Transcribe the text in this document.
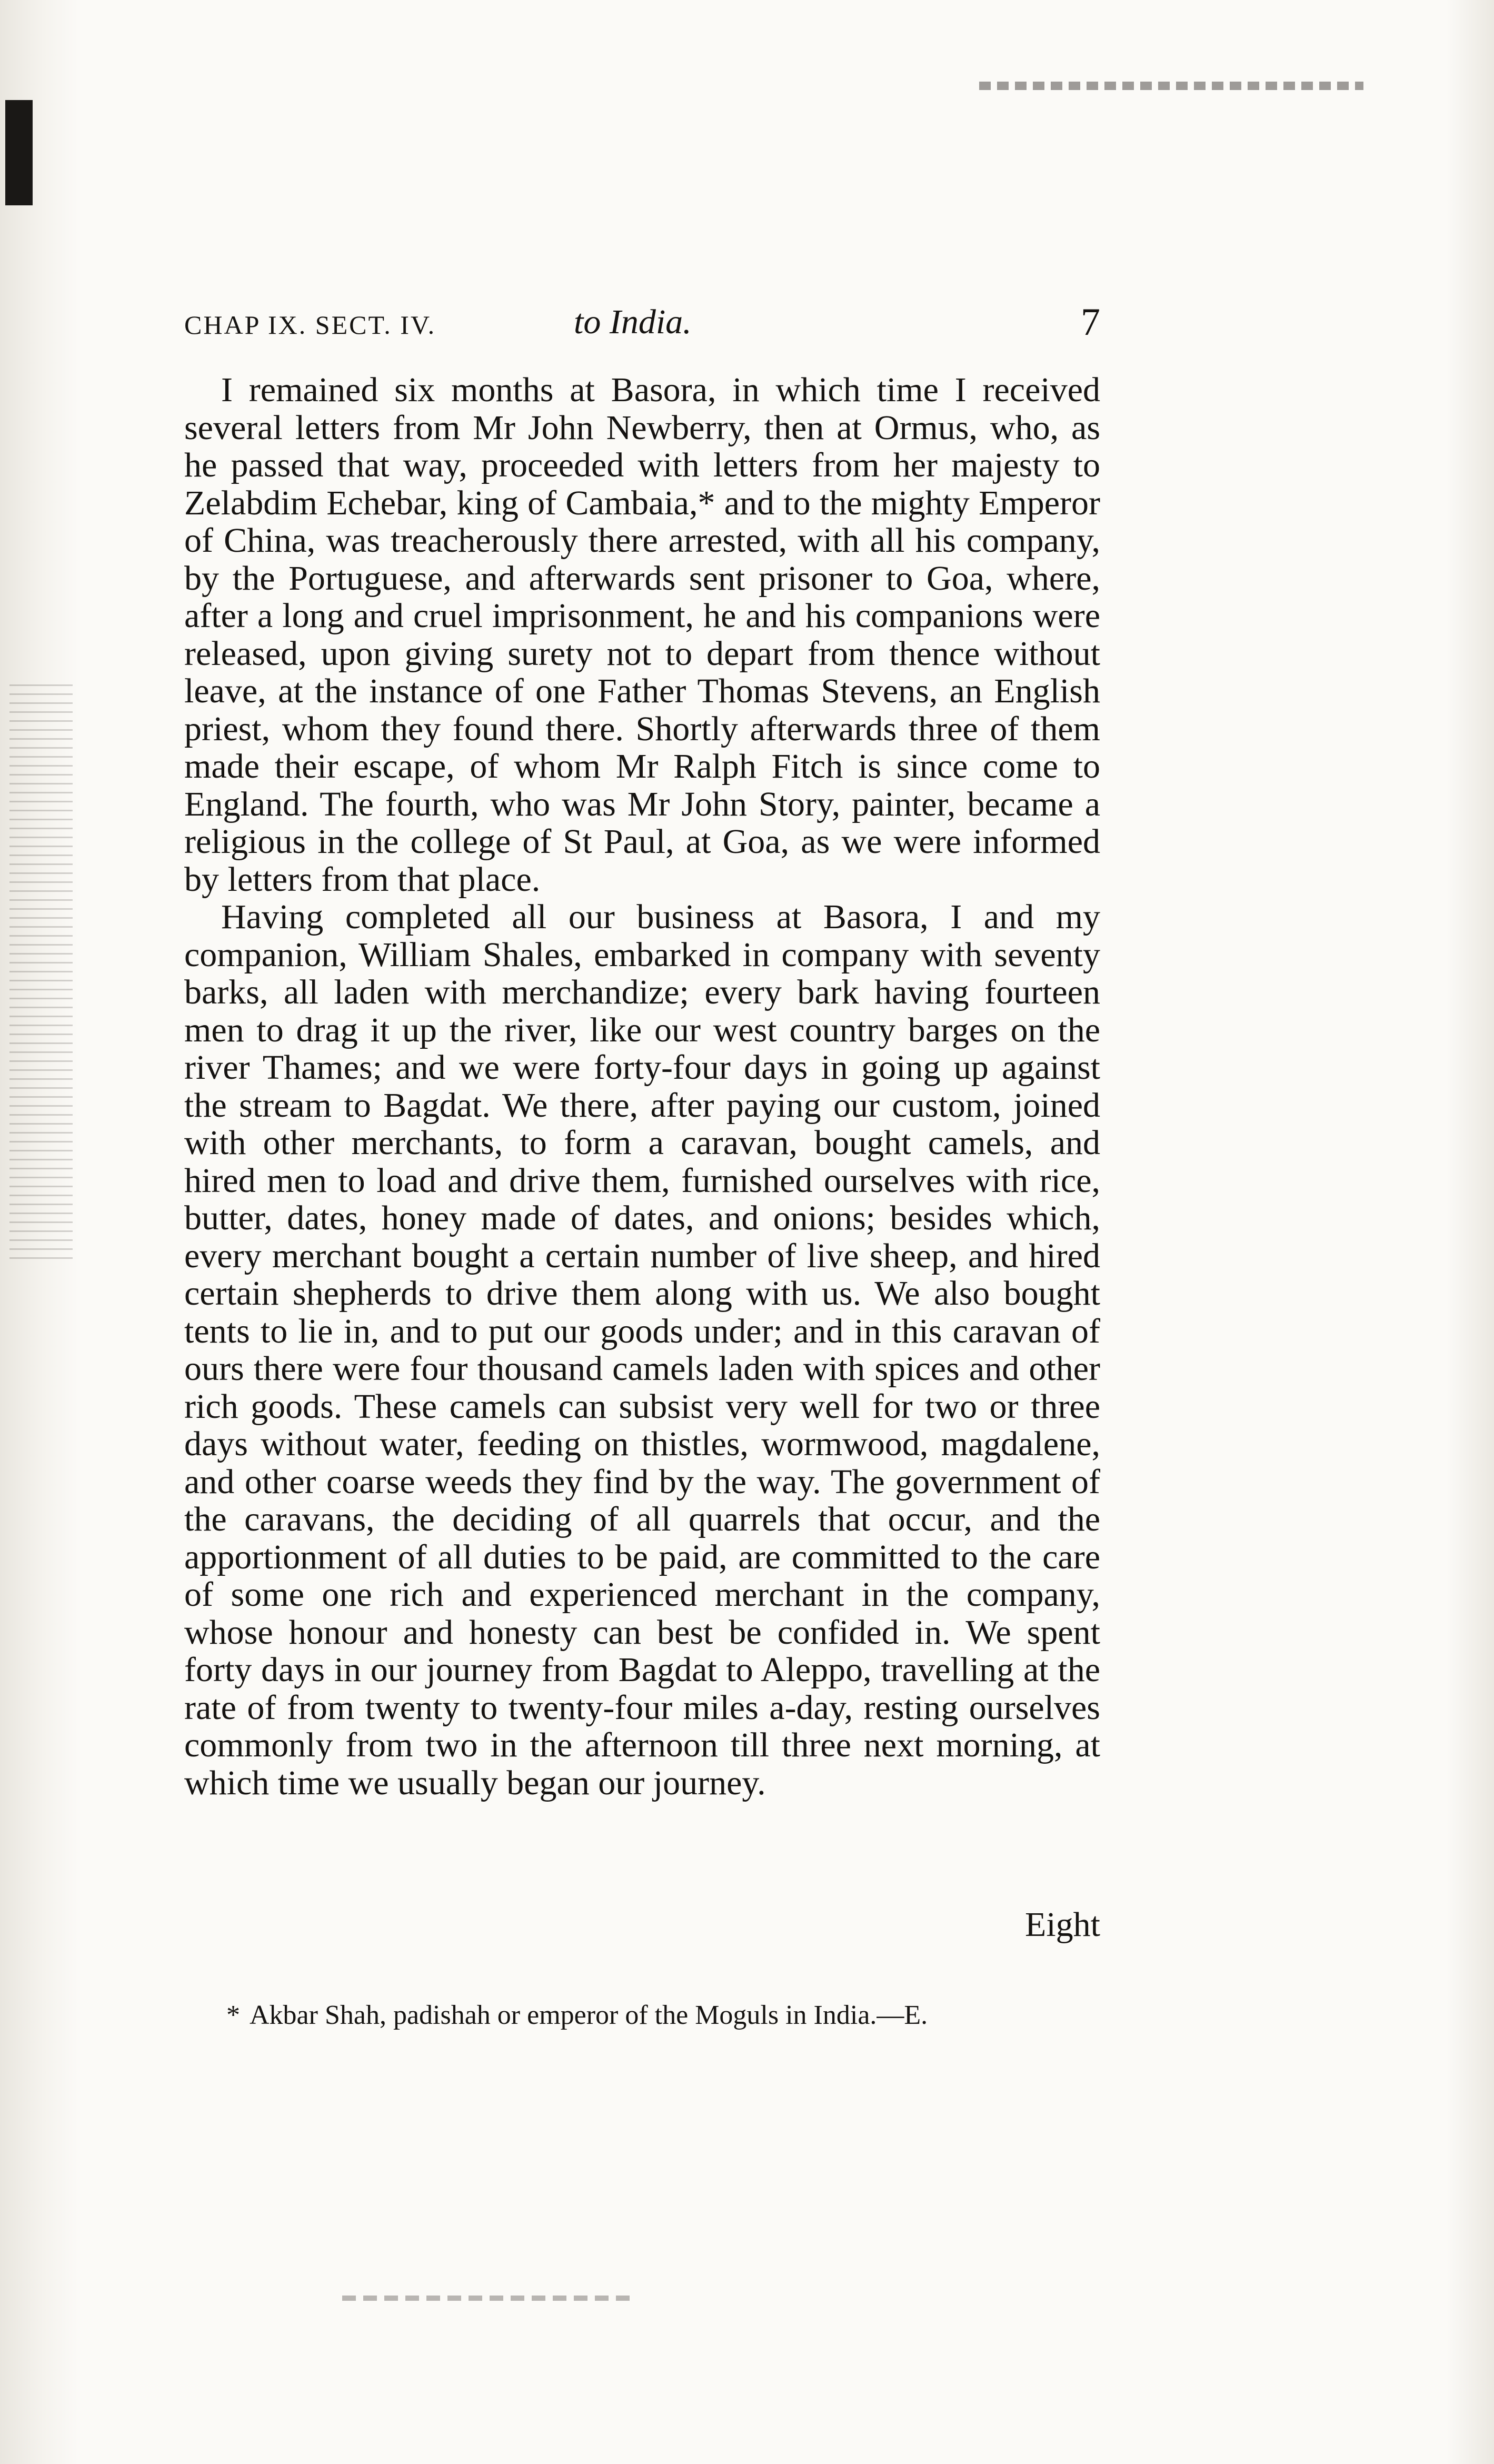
CHAP IX. SECT. IV.	to India.	7

I remained six months at Basora, in which time I received several letters from Mr John Newberry, then at Ormus, who, as he passed that way, proceeded with letters from her majesty to Zelabdim Echebar, king of Cambaia,* and to the mighty Emperor of China, was treacherously there arrested, with all his company, by the Portuguese, and afterwards sent prisoner to Goa, where, after a long and cruel imprisonment, he and his companions were released, upon giving surety not to depart from thence without leave, at the instance of one Father Thomas Stevens, an English priest, whom they found there. Shortly afterwards three of them made their escape, of whom Mr Ralph Fitch is since come to England. The fourth, who was Mr John Story, painter, became a religious in the college of St Paul, at Goa, as we were informed by letters from that place.

Having completed all our business at Basora, I and my companion, William Shales, embarked in company with seventy barks, all laden with merchandize; every bark having fourteen men to drag it up the river, like our west country barges on the river Thames; and we were forty-four days in going up against the stream to Bagdat. We there, after paying our custom, joined with other merchants, to form a caravan, bought camels, and hired men to load and drive them, furnished ourselves with rice, butter, dates, honey made of dates, and onions; besides which, every merchant bought a certain number of live sheep, and hired certain shepherds to drive them along with us. We also bought tents to lie in, and to put our goods under; and in this caravan of ours there were four thousand camels laden with spices and other rich goods. These camels can subsist very well for two or three days without water, feeding on thistles, wormwood, magdalene, and other coarse weeds they find by the way. The government of the caravans, the deciding of all quarrels that occur, and the apportionment of all duties to be paid, are committed to the care of some one rich and experienced merchant in the company, whose honour and honesty can best be confided in. We spent forty days in our journey from Bagdat to Aleppo, travelling at the rate of from twenty to twenty-four miles a-day, resting ourselves commonly from two in the afternoon till three next morning, at which time we usually began our journey.

Eight
* Akbar Shah, padishah or emperor of the Moguls in India.—E.
